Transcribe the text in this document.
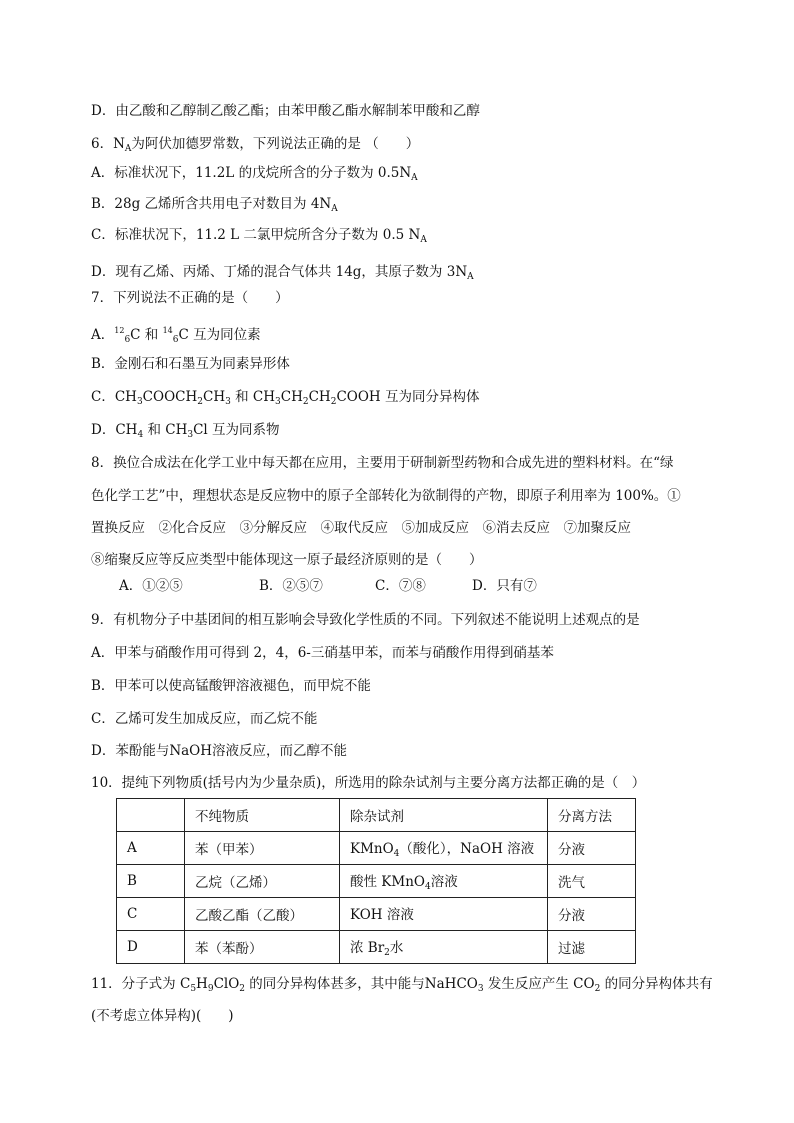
D．由乙酸和乙醇制乙酸乙酯；由苯甲酸乙酯水解制苯甲酸和乙醇
6．$N_A$为阿伏加德罗常数，下列说法正确的是 （　　）
A．标准状况下，11.2L 的戊烷所含的分子数为 $0.5N_A$
B．28g 乙烯所含共用电子对数目为 $4N_A$
C．标准状况下，11.2 L 二氯甲烷所含分子数为 0.5 $N_A$
D．现有乙烯、丙烯、丁烯的混合气体共 14g，其原子数为 $3N_A$
7．下列说法不正确的是（　　）
A．$^{12}_6$C 和 $^{14}_6$C 互为同位素
B．金刚石和石墨互为同素异形体
C．$CH_3COOCH_2CH_3$ 和 $CH_3CH_2CH_2COOH$ 互为同分异构体
D．$CH_4$ 和 $CH_3Cl$ 互为同系物
8．换位合成法在化学工业中每天都在应用，主要用于研制新型药物和合成先进的塑料材料。在“绿
色化学工艺”中，理想状态是反应物中的原子全部转化为欲制得的产物，即原子利用率为 100%。①
置换反应　②化合反应　③分解反应　④取代反应　⑤加成反应　⑥消去反应　⑦加聚反应
⑧缩聚反应等反应类型中能体现这一原子最经济原则的是（　　）
A．①②⑤	B．②⑤⑦	C．⑦⑧	D．只有⑦
9．有机物分子中基团间的相互影响会导致化学性质的不同。下列叙述不能说明上述观点的是
A．甲苯与硝酸作用可得到 2，4，6-三硝基甲苯，而苯与硝酸作用得到硝基苯
B．甲苯可以使高锰酸钾溶液褪色，而甲烷不能
C．乙烯可发生加成反应，而乙烷不能
D．苯酚能与NaOH溶液反应，而乙醇不能
10．提纯下列物质(括号内为少量杂质)，所选用的除杂试剂与主要分离方法都正确的是（　）
	不纯物质	除杂试剂	分离方法
A	苯（甲苯）	KMnO$_4$（酸化），NaOH 溶液	分液
B	乙烷（乙烯）	酸性 KMnO$_4$溶液	洗气
C	乙酸乙酯（乙酸）	KOH 溶液	分液
D	苯（苯酚）	浓 $Br_2$水	过滤
11．分子式为 $C_5H_9ClO_2$ 的同分异构体甚多，其中能与NaHCO$_3$ 发生反应产生 $CO_2$ 的同分异构体共有
(不考虑立体异构)(　　)
